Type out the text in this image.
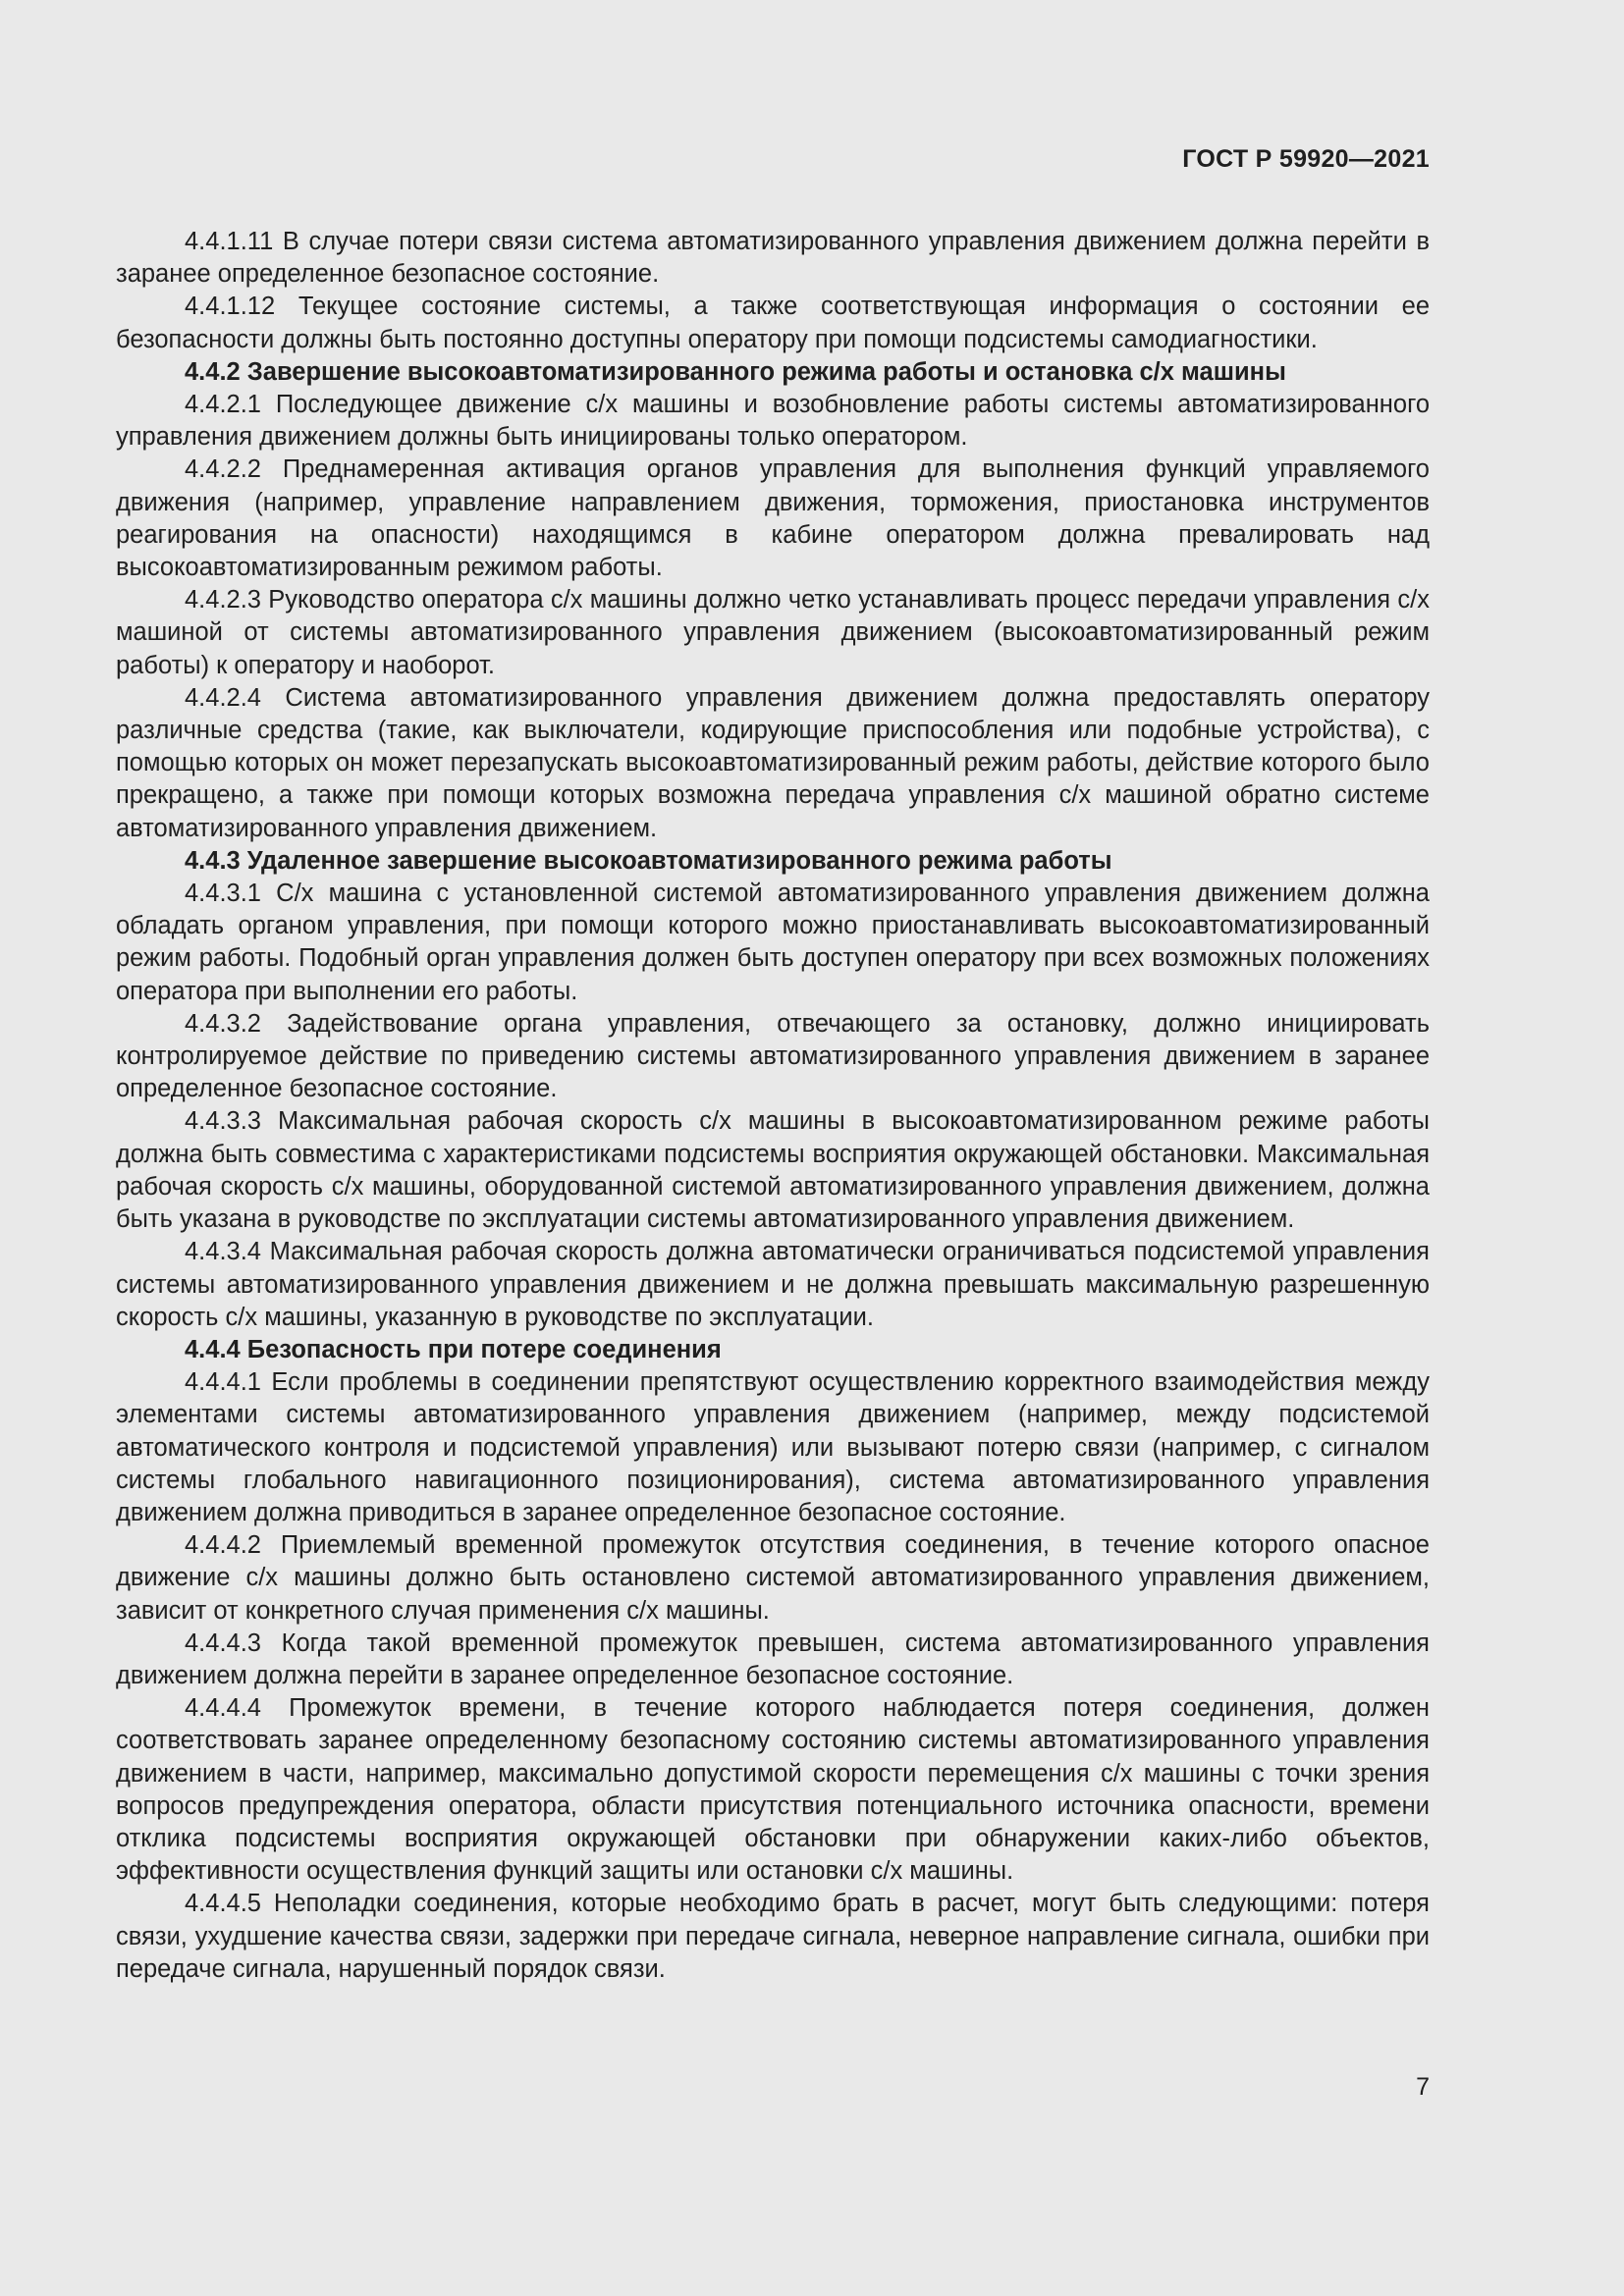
ГОСТ Р 59920—2021

4.4.1.11 В случае потери связи система автоматизированного управления движением должна перейти в заранее определенное безопасное состояние.

4.4.1.12 Текущее состояние системы, а также соответствующая информация о состоянии ее безопасности должны быть постоянно доступны оператору при помощи подсистемы самодиагностики.

4.4.2 Завершение высокоавтоматизированного режима работы и остановка с/х машины

4.4.2.1 Последующее движение с/х машины и возобновление работы системы автоматизированного управления движением должны быть инициированы только оператором.

4.4.2.2 Преднамеренная активация органов управления для выполнения функций управляемого движения (например, управление направлением движения, торможения, приостановка инструментов реагирования на опасности) находящимся в кабине оператором должна превалировать над высокоавтоматизированным режимом работы.

4.4.2.3 Руководство оператора с/х машины должно четко устанавливать процесс передачи управления с/х машиной от системы автоматизированного управления движением (высокоавтоматизированный режим работы) к оператору и наоборот.

4.4.2.4 Система автоматизированного управления движением должна предоставлять оператору различные средства (такие, как выключатели, кодирующие приспособления или подобные устройства), с помощью которых он может перезапускать высокоавтоматизированный режим работы, действие которого было прекращено, а также при помощи которых возможна передача управления с/х машиной обратно системе автоматизированного управления движением.

4.4.3 Удаленное завершение высокоавтоматизированного режима работы

4.4.3.1 С/х машина с установленной системой автоматизированного управления движением должна обладать органом управления, при помощи которого можно приостанавливать высокоавтоматизированный режим работы. Подобный орган управления должен быть доступен оператору при всех возможных положениях оператора при выполнении его работы.

4.4.3.2 Задействование органа управления, отвечающего за остановку, должно инициировать контролируемое действие по приведению системы автоматизированного управления движением в заранее определенное безопасное состояние.

4.4.3.3 Максимальная рабочая скорость с/х машины в высокоавтоматизированном режиме работы должна быть совместима с характеристиками подсистемы восприятия окружающей обстановки. Максимальная рабочая скорость с/х машины, оборудованной системой автоматизированного управления движением, должна быть указана в руководстве по эксплуатации системы автоматизированного управления движением.

4.4.3.4 Максимальная рабочая скорость должна автоматически ограничиваться подсистемой управления системы автоматизированного управления движением и не должна превышать максимальную разрешенную скорость с/х машины, указанную в руководстве по эксплуатации.

4.4.4 Безопасность при потере соединения

4.4.4.1 Если проблемы в соединении препятствуют осуществлению корректного взаимодействия между элементами системы автоматизированного управления движением (например, между подсистемой автоматического контроля и подсистемой управления) или вызывают потерю связи (например, с сигналом системы глобального навигационного позиционирования), система автоматизированного управления движением должна приводиться в заранее определенное безопасное состояние.

4.4.4.2 Приемлемый временной промежуток отсутствия соединения, в течение которого опасное движение с/х машины должно быть остановлено системой автоматизированного управления движением, зависит от конкретного случая применения с/х машины.

4.4.4.3 Когда такой временной промежуток превышен, система автоматизированного управления движением должна перейти в заранее определенное безопасное состояние.

4.4.4.4 Промежуток времени, в течение которого наблюдается потеря соединения, должен соответствовать заранее определенному безопасному состоянию системы автоматизированного управления движением в части, например, максимально допустимой скорости перемещения с/х машины с точки зрения вопросов предупреждения оператора, области присутствия потенциального источника опасности, времени отклика подсистемы восприятия окружающей обстановки при обнаружении каких-либо объектов, эффективности осуществления функций защиты или остановки с/х машины.

4.4.4.5 Неполадки соединения, которые необходимо брать в расчет, могут быть следующими: потеря связи, ухудшение качества связи, задержки при передаче сигнала, неверное направление сигнала, ошибки при передаче сигнала, нарушенный порядок связи.

7
